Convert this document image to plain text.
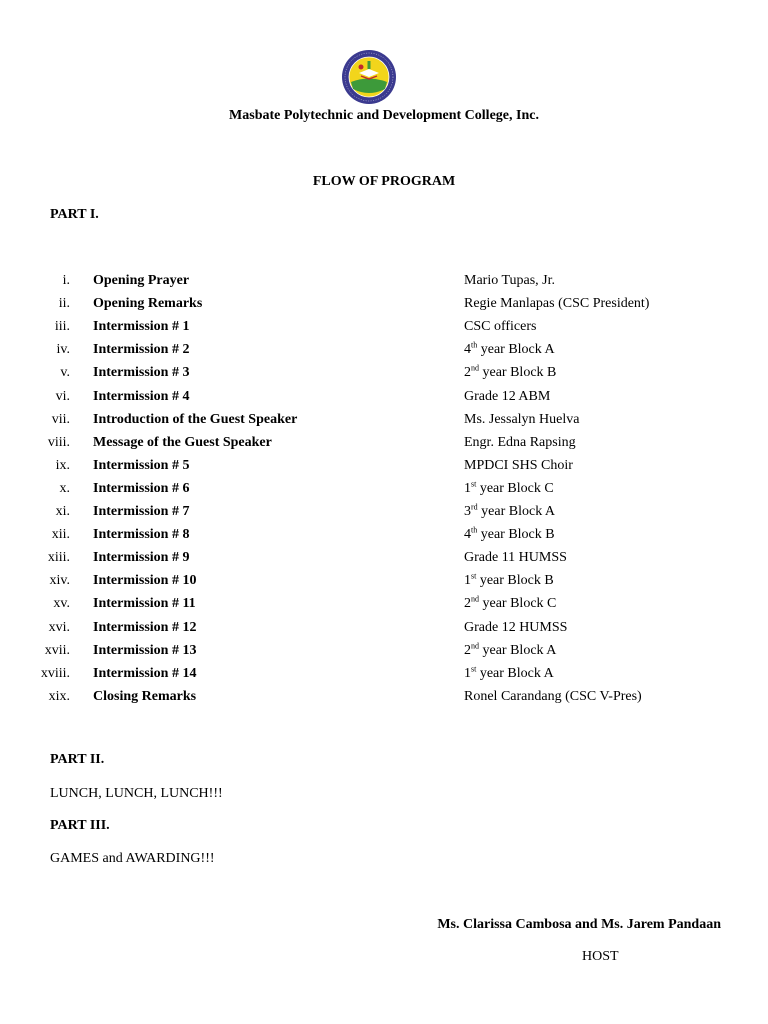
Masbate Polytechnic and Development College, Inc.
FLOW OF PROGRAM
PART I.
i. Opening Prayer	Mario Tupas, Jr.
ii. Opening Remarks	Regie Manlapas (CSC President)
iii. Intermission # 1	CSC officers
iv. Intermission # 2	4th year Block A
v. Intermission # 3	2nd year Block B
vi. Intermission # 4	Grade 12 ABM
vii. Introduction of the Guest Speaker	Ms. Jessalyn Huelva
viii. Message of the Guest Speaker	Engr. Edna Rapsing
ix. Intermission # 5	MPDCI SHS Choir
x. Intermission # 6	1st year Block C
xi. Intermission # 7	3rd year Block A
xii. Intermission # 8	4th year Block B
xiii. Intermission # 9	Grade 11 HUMSS
xiv. Intermission # 10	1st year Block B
xv. Intermission # 11	2nd year Block C
xvi. Intermission # 12	Grade 12 HUMSS
xvii. Intermission # 13	2nd year Block A
xviii. Intermission # 14	1st year Block A
xix. Closing Remarks	Ronel Carandang (CSC V-Pres)
PART II.
LUNCH, LUNCH, LUNCH!!!
PART III.
GAMES and AWARDING!!!
Ms. Clarissa Cambosa and Ms. Jarem Pandaan
HOST
